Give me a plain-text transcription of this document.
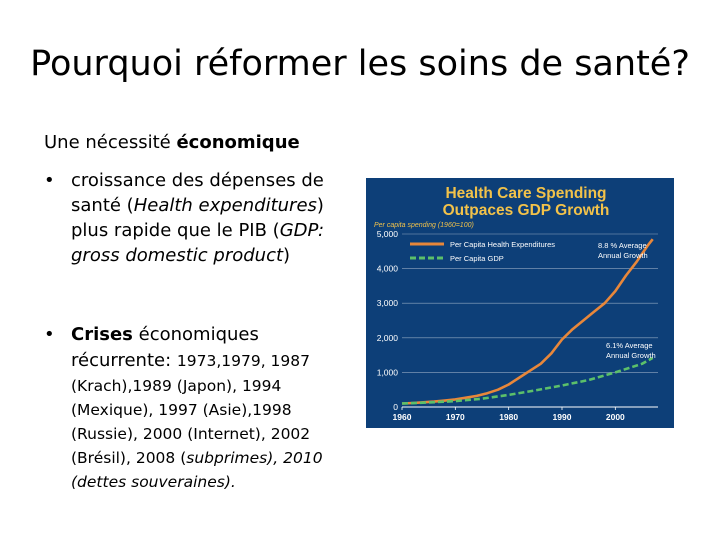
Pourquoi réformer les soins de santé?
Une nécessité économique
• croissance des dépenses de santé (Health expenditures) plus rapide que le PIB (GDP: gross domestic product)
• Crises économiques récurrente: 1973,1979, 1987
(Krach),1989 (Japon), 1994 (Mexique), 1997 (Asie),1998 (Russie), 2000 (Internet), 2002 (Brésil), 2008 (subprimes), 2010 (dettes souveraines).
Health Care Spending
Outpaces GDP Growth
Per capita spending (1960=100)
0
1,000
2,000
3,000
4,000
5,000
1960	1970	1980	1990	2000
Per Capita Health Expenditures
Per Capita GDP
8.8 % Average
Annual Growth
6.1% Average
Annual Growth
